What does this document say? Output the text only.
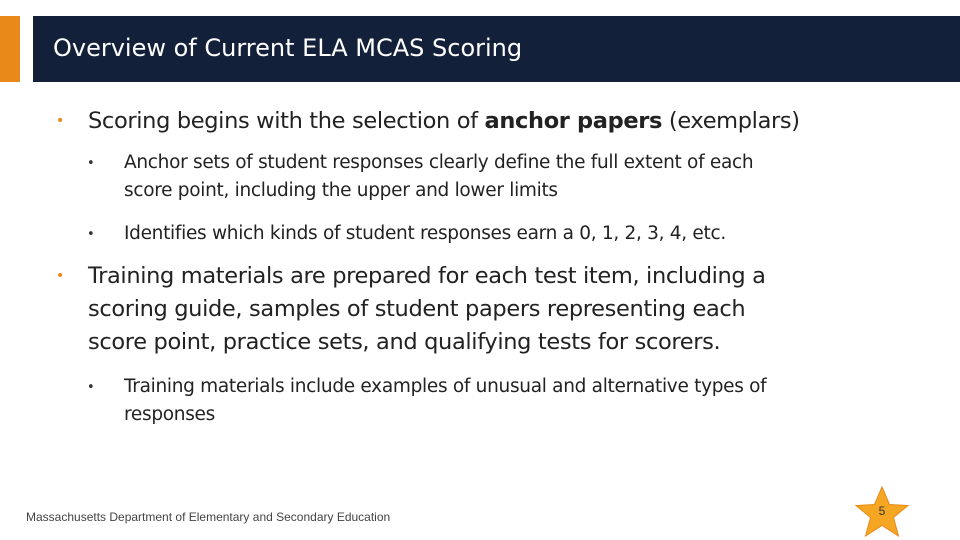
Overview of Current ELA MCAS Scoring
• Scoring begins with the selection of anchor papers (exemplars)
• Anchor sets of student responses clearly define the full extent of each
score point, including the upper and lower limits
• Identifies which kinds of student responses earn a 0, 1, 2, 3, 4, etc.
• Training materials are prepared for each test item, including a
scoring guide, samples of student papers representing each
score point, practice sets, and qualifying tests for scorers.
• Training materials include examples of unusual and alternative types of
responses
Massachusetts Department of Elementary and Secondary Education	5
